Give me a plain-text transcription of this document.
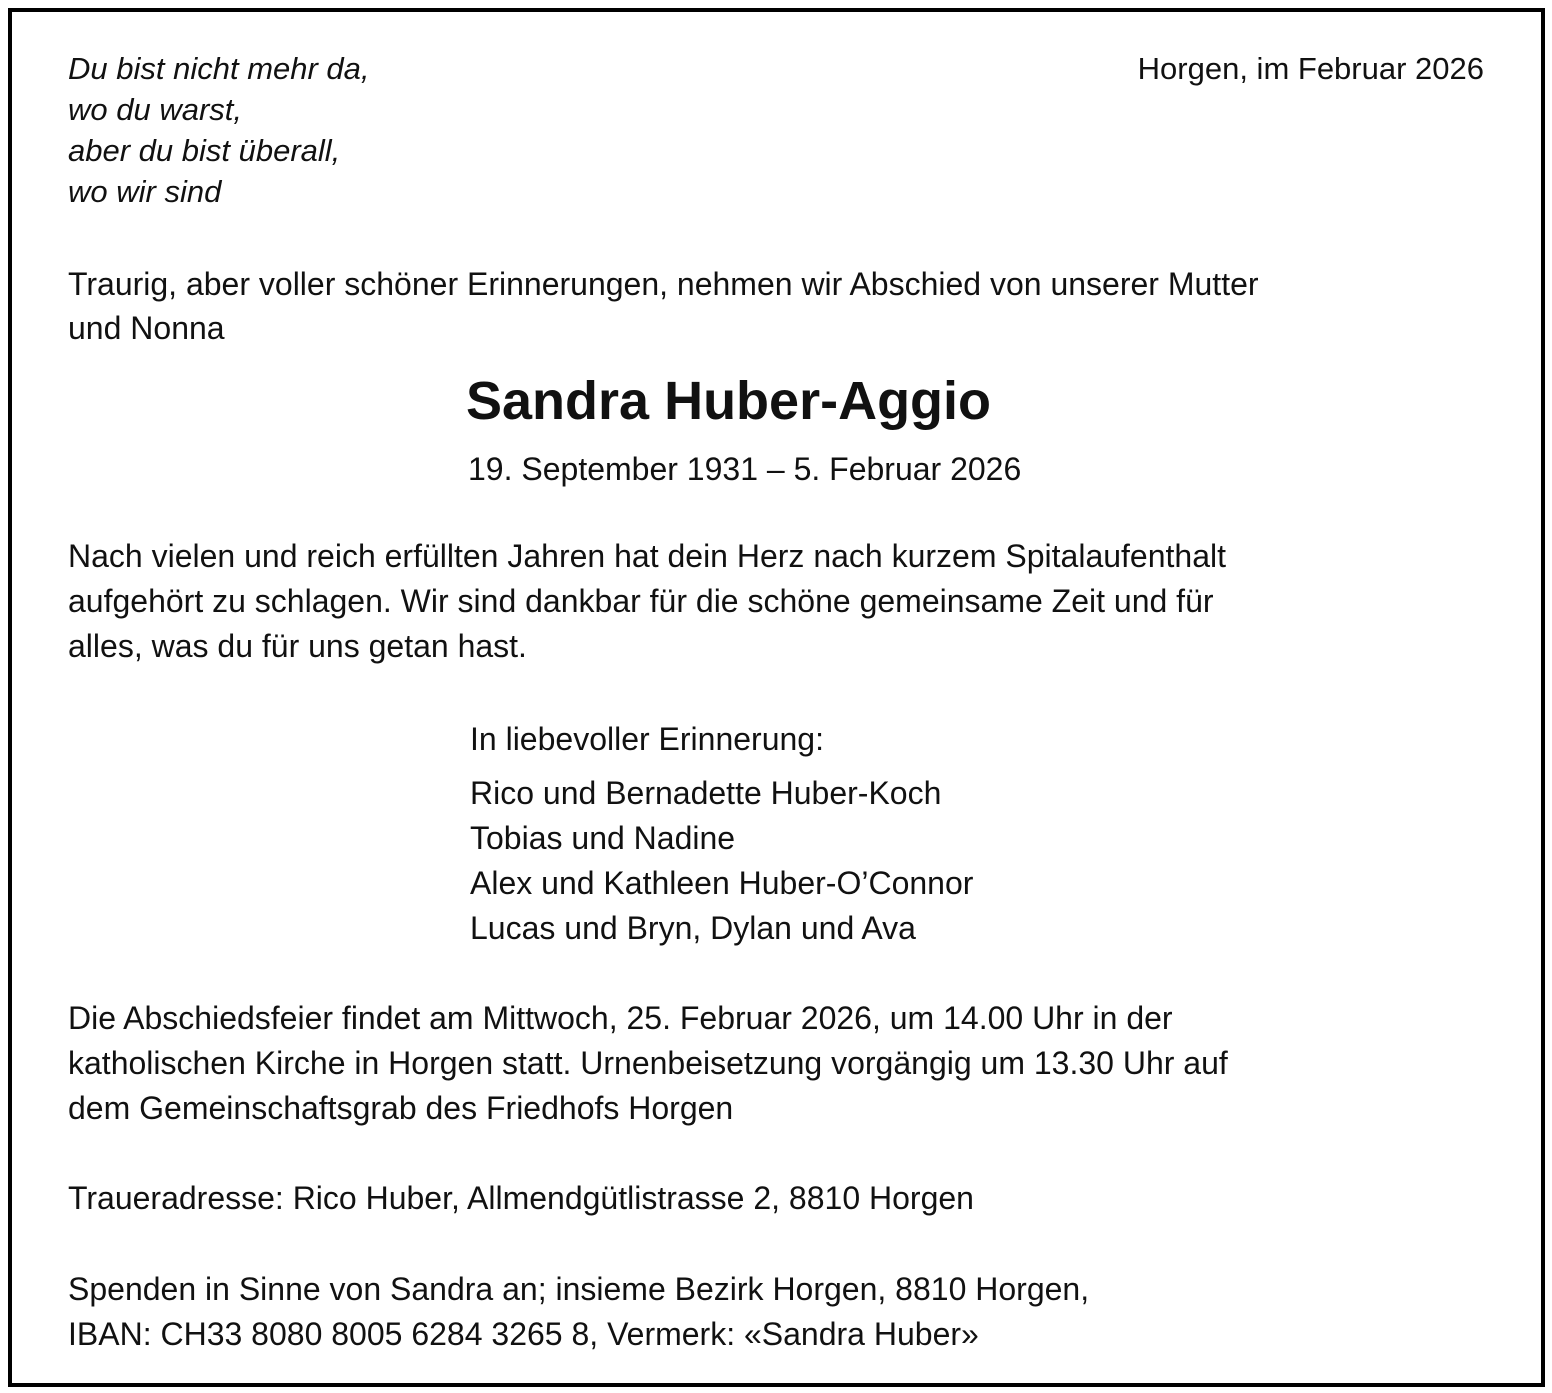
Du bist nicht mehr da,
wo du warst,
aber du bist überall,
wo wir sind
Horgen, im Februar 2026
Traurig, aber voller schöner Erinnerungen, nehmen wir Abschied von unserer Mutter
und Nonna
Sandra Huber-Aggio
19. September 1931 – 5. Februar 2026
Nach vielen und reich erfüllten Jahren hat dein Herz nach kurzem Spitalaufenthalt
aufgehört zu schlagen. Wir sind dankbar für die schöne gemeinsame Zeit und für
alles, was du für uns getan hast.
In liebevoller Erinnerung:
Rico und Bernadette Huber-Koch
Tobias und Nadine
Alex und Kathleen Huber-O’Connor
Lucas und Bryn, Dylan und Ava
Die Abschiedsfeier findet am Mittwoch, 25. Februar 2026, um 14.00 Uhr in der
katholischen Kirche in Horgen statt. Urnenbeisetzung vorgängig um 13.30 Uhr auf
dem Gemeinschaftsgrab des Friedhofs Horgen
Traueradresse: Rico Huber, Allmendgütlistrasse 2, 8810 Horgen
Spenden in Sinne von Sandra an; insieme Bezirk Horgen, 8810 Horgen,
IBAN: CH33 8080 8005 6284 3265 8, Vermerk: «Sandra Huber»
